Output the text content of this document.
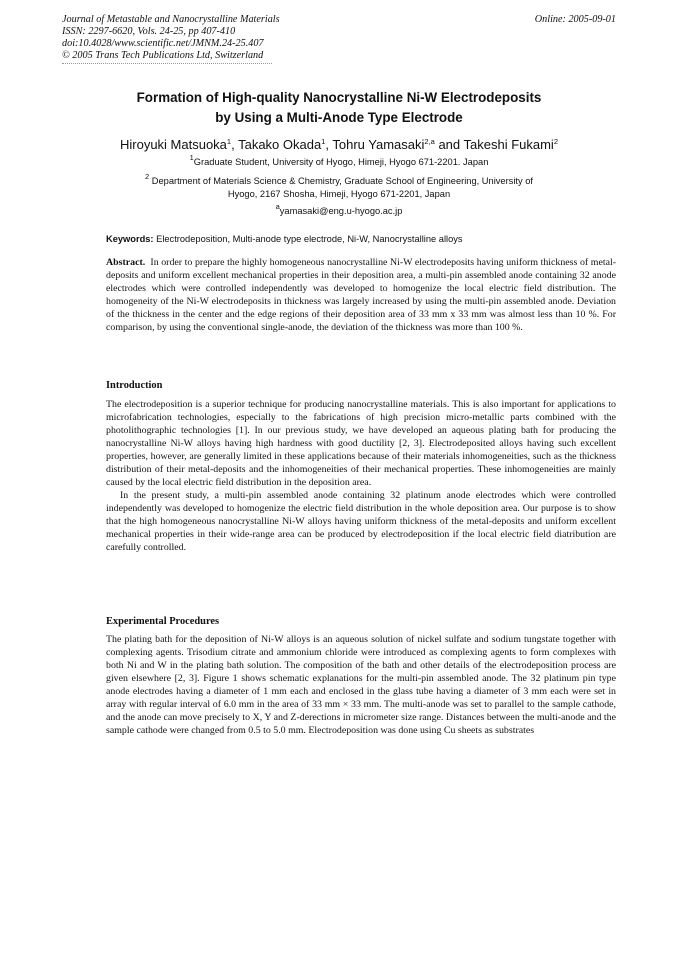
Journal of Metastable and Nanocrystalline Materials
ISSN: 2297-6620, Vols. 24-25, pp 407-410
doi:10.4028/www.scientific.net/JMNM.24-25.407
© 2005 Trans Tech Publications Ltd, Switzerland
Online: 2005-09-01
Formation of High-quality Nanocrystalline Ni-W Electrodeposits
by Using a Multi-Anode Type Electrode
Hiroyuki Matsuoka$^1$, Takako Okada$^1$, Tohru Yamasaki$^{2,a}$ and Takeshi Fukami$^2$
$^1$Graduate Student, University of Hyogo, Himeji, Hyogo 671-2201. Japan
$^2$ Department of Materials Science & Chemistry, Graduate School of Engineering, University of
Hyogo, 2167 Shosha, Himeji, Hyogo 671-2201, Japan
$^a$yamasaki@eng.u-hyogo.ac.jp
Keywords: Electrodeposition, Multi-anode type electrode, Ni-W, Nanocrystalline alloys

Abstract. In order to prepare the highly homogeneous nanocrystalline Ni-W electrodeposits having uniform thickness of metal-deposits and uniform excellent mechanical properties in their deposition area, a multi-pin assembled anode containing 32 anode electrodes which were controlled independently was developed to homogenize the local electric field distribution. The homogeneity of the Ni-W electrodeposits in thickness was largely increased by using the multi-pin assembled anode. Deviation of the thickness in the center and the edge regions of their deposition area of 33 mm x 33 mm was almost less than 10 %. For comparison, by using the conventional single-anode, the deviation of the thickness was more than 100 %.

Introduction

The electrodeposition is a superior technique for producing nanocrystalline materials. This is also important for applications to microfabrication technologies, especially to the fabrications of high precision micro-metallic parts combined with the photolithographic technologies [1]. In our previous study, we have developed an aqueous plating bath for producing the nanocrystalline Ni-W alloys having high hardness with good ductility [2, 3]. Electrodeposited alloys having such excellent properties, however, are generally limited in these applications because of their materials inhomogeneities, such as the thickness distribution of their metal-deposits and the inhomogeneities of their mechanical properties. These inhomogeneities are mainly caused by the local electric field distribution in the deposition area.

In the present study, a multi-pin assembled anode containing 32 platinum anode electrodes which were controlled independently was developed to homogenize the electric field distribution in the whole deposition area. Our purpose is to show that the high homogeneous nanocrystalline Ni-W alloys having uniform thickness of the metal-deposits and uniform excellent mechanical properties in their wide-range area can be produced by electrodeposition if the local electric field diatribution are carefully controlled.

Experimental Procedures

The plating bath for the deposition of Ni-W alloys is an aqueous solution of nickel sulfate and sodium tungstate together with complexing agents. Trisodium citrate and ammonium chloride were introduced as complexing agents to form complexes with both Ni and W in the plating bath solution. The composition of the bath and other details of the electrodeposition process are given elsewhere [2, 3]. Figure 1 shows schematic explanations for the multi-pin assembled anode. The 32 platinum pin type anode electrodes having a diameter of 1 mm each and enclosed in the glass tube having a diameter of 3 mm each were set in array with regular interval of 6.0 mm in the area of 33 mm × 33 mm. The multi-anode was set to parallel to the sample cathode, and the anode can move precisely to X, Y and Z-derections in micrometer size range. Distances between the multi-anode and the sample cathode were changed from 0.5 to 5.0 mm. Electrodeposition was done using Cu sheets as substrates
